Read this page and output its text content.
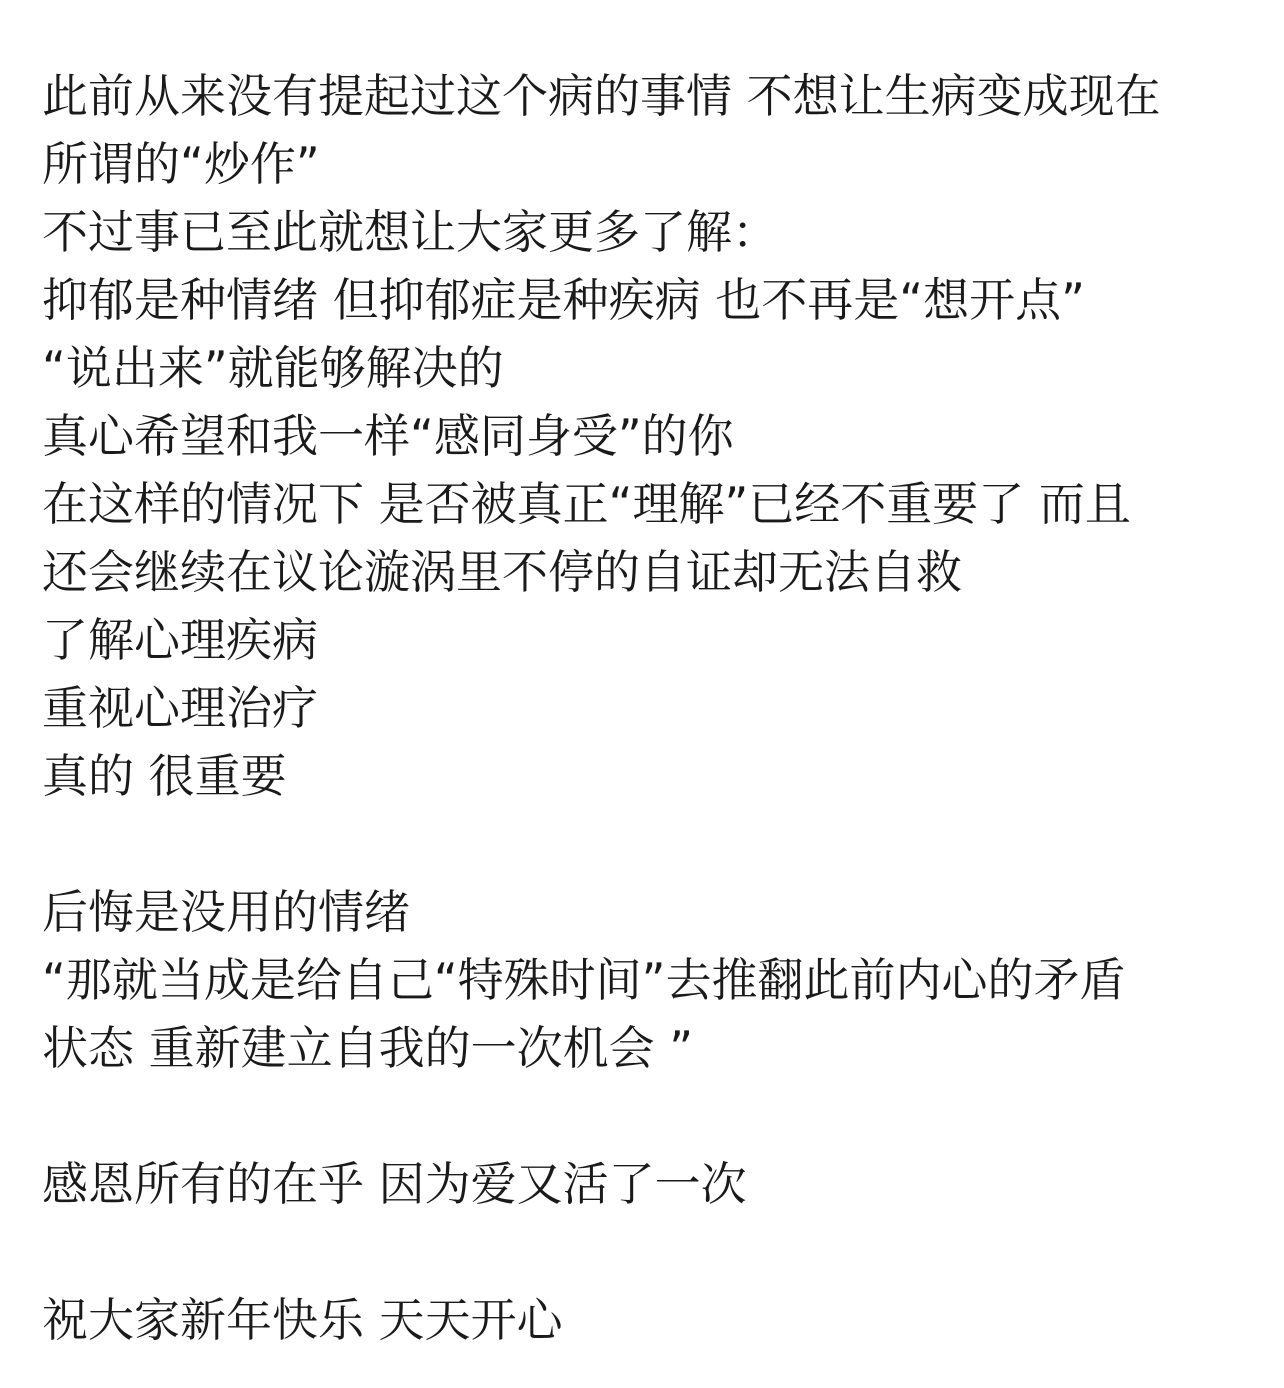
此前从来没有提起过这个病的事情 不想让生病变成现在
所谓的“炒作”
不过事已至此就想让大家更多了解：
抑郁是种情绪 但抑郁症是种疾病 也不再是“想开点”
“说出来”就能够解决的
真心希望和我一样“感同身受”的你
在这样的情况下 是否被真正“理解”已经不重要了 而且
还会继续在议论漩涡里不停的自证却无法自救
了解心理疾病
重视心理治疗
真的 很重要
后悔是没用的情绪
“那就当成是给自己“特殊时间”去推翻此前内心的矛盾
状态 重新建立自我的一次机会 ”
感恩所有的在乎 因为爱又活了一次
祝大家新年快乐 天天开心
